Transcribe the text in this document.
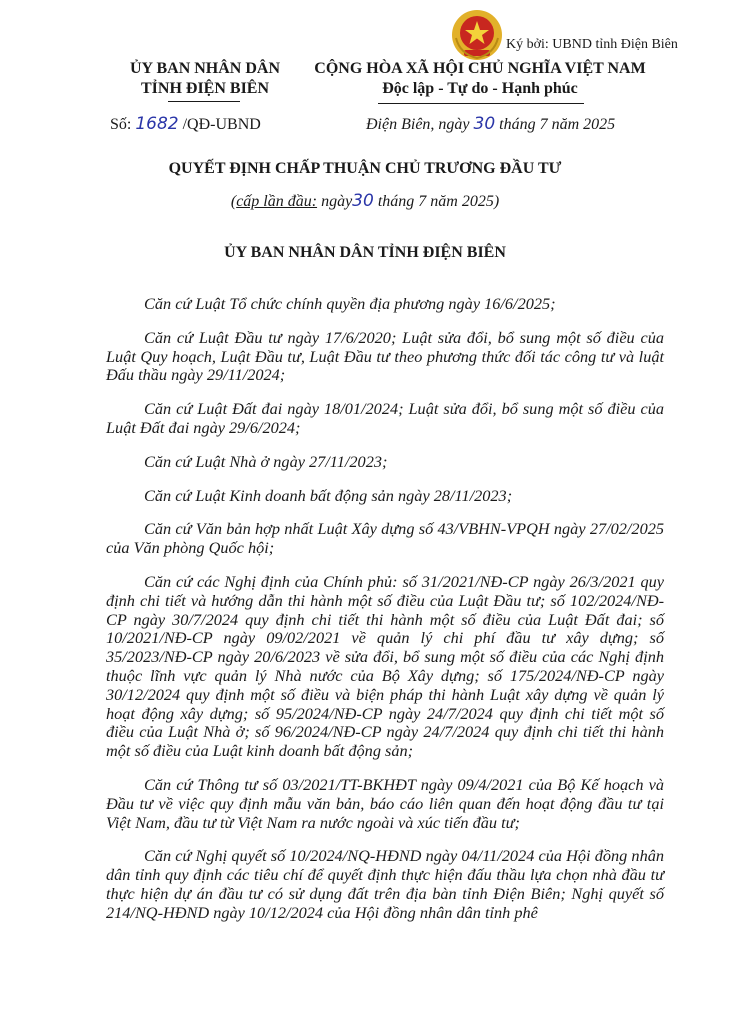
Ký bởi: UBND tỉnh Điện Biên
ỦY BAN NHÂN DÂN
TỈNH ĐIỆN BIÊN
CỘNG HÒA XÃ HỘI CHỦ NGHĨA VIỆT NAM
Độc lập - Tự do - Hạnh phúc
Số: 1682 /QĐ-UBND	Điện Biên, ngày 30 tháng 7 năm 2025
QUYẾT ĐỊNH CHẤP THUẬN CHỦ TRƯƠNG ĐẦU TƯ
(cấp lần đầu: ngày30 tháng 7 năm 2025)
ỦY BAN NHÂN DÂN TỈNH ĐIỆN BIÊN

Căn cứ Luật Tổ chức chính quyền địa phương ngày 16/6/2025;

Căn cứ Luật Đầu tư ngày 17/6/2020; Luật sửa đổi, bổ sung một số điều của Luật Quy hoạch, Luật Đầu tư, Luật Đầu tư theo phương thức đối tác công tư và luật Đấu thầu ngày 29/11/2024;

Căn cứ Luật Đất đai ngày 18/01/2024; Luật sửa đổi, bổ sung một số điều của Luật Đất đai ngày 29/6/2024;

Căn cứ Luật Nhà ở ngày 27/11/2023;

Căn cứ Luật Kinh doanh bất động sản ngày 28/11/2023;

Căn cứ Văn bản hợp nhất Luật Xây dựng số 43/VBHN-VPQH ngày 27/02/2025 của Văn phòng Quốc hội;

Căn cứ các Nghị định của Chính phủ: số 31/2021/NĐ-CP ngày 26/3/2021 quy định chi tiết và hướng dẫn thi hành một số điều của Luật Đầu tư; số 102/2024/NĐ-CP ngày 30/7/2024 quy định chi tiết thi hành một số điều của Luật Đất đai; số 10/2021/NĐ-CP ngày 09/02/2021 về quản lý chi phí đầu tư xây dựng; số 35/2023/NĐ-CP ngày 20/6/2023 về sửa đổi, bổ sung một số điều của các Nghị định thuộc lĩnh vực quản lý Nhà nước của Bộ Xây dựng; số 175/2024/NĐ-CP ngày 30/12/2024 quy định một số điều và biện pháp thi hành Luật xây dựng về quản lý hoạt động xây dựng; số 95/2024/NĐ-CP ngày 24/7/2024 quy định chi tiết một số điều của Luật Nhà ở; số 96/2024/NĐ-CP ngày 24/7/2024 quy định chi tiết thi hành một số điều của Luật kinh doanh bất động sản;

Căn cứ Thông tư số 03/2021/TT-BKHĐT ngày 09/4/2021 của Bộ Kế hoạch và Đầu tư về việc quy định mẫu văn bản, báo cáo liên quan đến hoạt động đầu tư tại Việt Nam, đầu tư từ Việt Nam ra nước ngoài và xúc tiến đầu tư;

Căn cứ Nghị quyết số 10/2024/NQ-HĐND ngày 04/11/2024 của Hội đồng nhân dân tỉnh quy định các tiêu chí để quyết định thực hiện đấu thầu lựa chọn nhà đầu tư thực hiện dự án đầu tư có sử dụng đất trên địa bàn tỉnh Điện Biên; Nghị quyết số 214/NQ-HĐND ngày 10/12/2024 của Hội đồng nhân dân tỉnh phê
